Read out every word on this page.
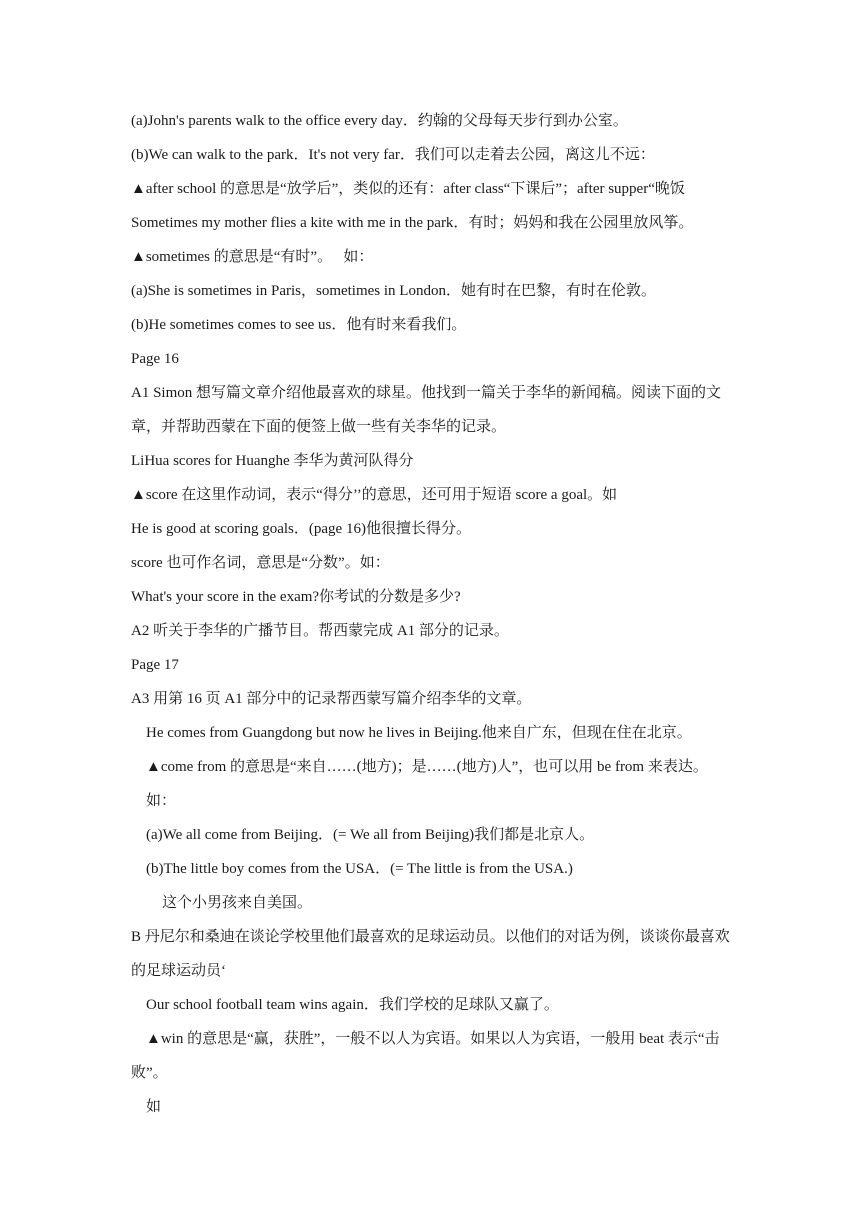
(a)John's parents walk to the office every day．约翰的父母每天步行到办公室。
(b)We can walk to the park．It's not very far．我们可以走着去公园，离这儿不远：
▲after school 的意思是“放学后”，类似的还有：after class“下课后”；after supper“晚饭
Sometimes my mother flies a kite with me in the park．有时；妈妈和我在公园里放风筝。
▲sometimes 的意思是“有时”。　 如：
(a)She is sometimes in Paris，sometimes in London．她有时在巴黎，有时在伦敦。
(b)He sometimes comes to see us．他有时来看我们。
Page 16
A1 Simon 想写篇文章介绍他最喜欢的球星。他找到一篇关于李华的新闻稿。阅读下面的文
章，并帮助西蒙在下面的便签上做一些有关李华的记录。
LiHua scores for Huanghe 李华为黄河队得分
▲score 在这里作动词，表示“得分’’的意思，还可用于短语 score a goal。如
He is good at scoring goals．(page 16)他很擅长得分。
score 也可作名词，意思是“分数”。如：
What's your score in the exam?你考试的分数是多少?
A2 听关于李华的广播节目。帮西蒙完成 A1 部分的记录。
Page 17
A3 用第 16 页 A1 部分中的记录帮西蒙写篇介绍李华的文章。
He comes from Guangdong but now he lives in Beijing.他来自广东，但现在住在北京。
▲come from 的意思是“来自……(地方)；是……(地方)人”，也可以用 be from 来表达。
如：
(a)We all come from Beijing．(= We all from Beijing)我们都是北京人。
(b)The little boy comes from the USA．(= The little is from the USA.)
这个小男孩来自美国。
B 丹尼尔和桑迪在谈论学校里他们最喜欢的足球运动员。以他们的对话为例，谈谈你最喜欢
的足球运动员‘
Our school football team wins again．我们学校的足球队又赢了。
▲win 的意思是“赢，获胜”，一般不以人为宾语。如果以人为宾语，一般用 beat 表示“击
败”。
如
